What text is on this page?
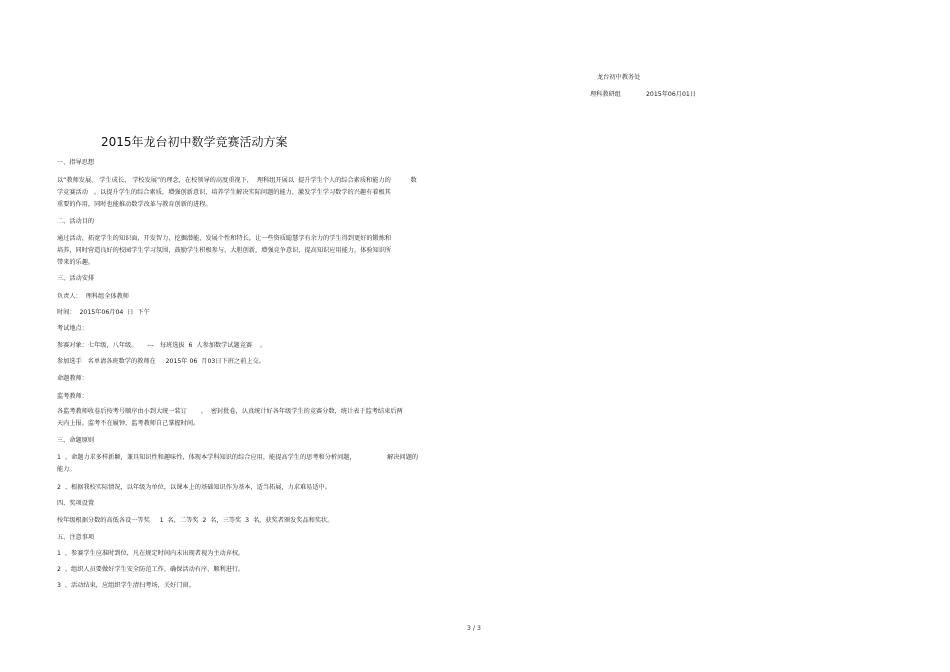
龙台初中教务处
理科教研组	2015年06月01日
2015年龙台初中数学竞赛活动方案
一、指导思想
以“教师发展、 学生成长、 学校发展”的理念，在校领导的高度重视下，  理科组开展以  提升学生个人的综合素质和能力的          数
学竞赛活动   。以提升学生的综合素质，增强创新意识，培养学生解决实际问题的能力，激发学生学习数学的兴趣有着极其
重要的作用，同时也能推动数学改革与教育创新的进程。
二、活动目的
通过活动，拓宽学生的知识面，开发智力，挖掘潜能，发展个性和特长，让一些资质聪慧学有余力的学生得到更好的锻炼和
培养，同时营造良好的校园学生学习氛围，鼓励学生积极参与、大胆创新，增强竞争意识，提高知识应用能力，体验知识所
带来的乐趣。
三、活动安排
负责人：  理科组全体教师
时间：  2015年06月04  日  下午
考试地点：
参赛对象：七年级，八年级。     ---   每班选拔  6  人参加数学试题竞赛    。
参加选手   名单请各班数学的教师在     2015年 06  月03日下班之前上交。
命题教师：
监考教师：
各监考教师收卷后按考号顺序由小到大统一装订       。  密封批卷，认真统计好各年级学生的竞赛分数，统计表于监考结束后两
天内上报。监考不在履钟，监考教师自己掌握时间。
三、命题原则
1  、命题力求多样新颖，兼具知识性和趣味性，体现本学科知识的综合应用，能提高学生的思考和分析问题，                解决问题的
能力。
2  、根据我校实际情况，以年级为单位，以课本上的基础知识作为基本，适当拓展，力求难易适中。
四、奖项设置
按年级根据分数的高低各设一等奖     1  名，二等奖  2  名，三等奖  3  名，获奖者颁发奖品和奖状。
五、注意事项
1  、参赛学生应准时到位，凡在规定时间内未出现者视为主动弃权。
2  、组织人员要做好学生安全防范工作，确保活动有序、顺利进行。
3  、活动结束，应组织学生清扫考场，关好门窗。
3 / 3
